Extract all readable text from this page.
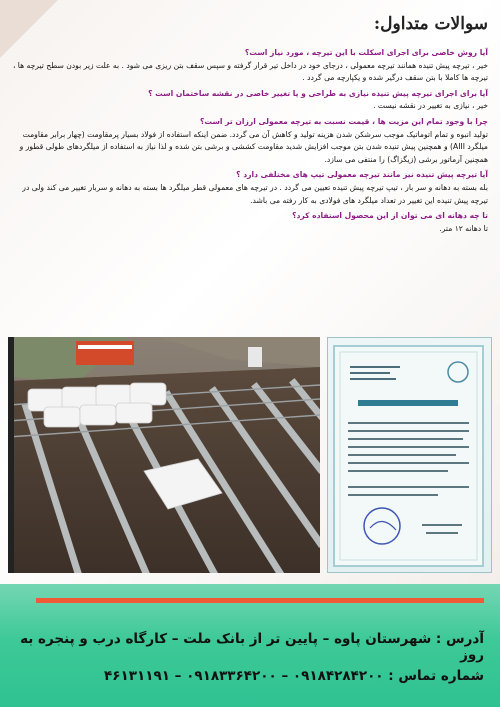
سوالات متداول:
آیا روش خاصی برای اجرای اسکلت با این تیرچه ، مورد نیاز است؟
خیر ، تیرچه پیش تنیده همانند تیرچه معمولی ، درجای خود در داخل تیر قرار گرفته و سپس سقف بتن ریزی می شود . به علت زیر بودن سطح تیرچه ها ، تیرچه ها کاملا با بتن سقف درگیر شده و یکپارچه می گردد .
آیا برای اجرای تیرچه پیش تنیده نیازی به طراحی و یا تغییر خاصی در نقشه ساختمان است ؟
خیر ، نیازی به تغییر در نقشه نیست .
چرا با وجود تمام این مزیت ها ، قیمت نسبت به تیرچه معمولی ارزان تر است؟
تولید انبوه و تمام اتوماتیک موجب سرشکن شدن هزینه تولید و کاهش آن می گردد. ضمن اینکه استفاده از فولاد بسیار پرمقاومت (چهار برابر مقاومت میلگرد AIII) و همچنین پیش تنیده شدن بتن موجب افزایش شدید مقاومت کششی و برشی بتن شده و لذا نیاز به استفاده از میلگردهای طولی قطور و همچنین آرماتور برشی (زیگزاگ) را منتفی می سازد.
آیا تیرچه پیش تنیده نیز مانند تیرچه معمولی تیپ های مختلفی دارد ؟
بله بسته به دهانه و سر بار ، تیپ تیرچه پیش تنیده تعیین می گردد . در تیرچه های معمولی قطر میلگرد ها بسته به دهانه و سربار تغییر می کند ولی در تیرچه پیش تنیده این تغییر در تعداد میلگرد های فولادی به کار رفته می باشد.
تا چه دهانه ای می توان از این محصول استفاده کرد؟
تا دهانه ۱۲ متر.
آدرس : شهرستان پاوه – پایین تر از بانک ملت – کارگاه درب و پنجره به روز
شماره تماس : ۰۹۱۸۴۲۸۴۲۰۰ – ۰۹۱۸۳۳۶۴۲۰۰ – ۴۶۱۳۱۱۹۱
